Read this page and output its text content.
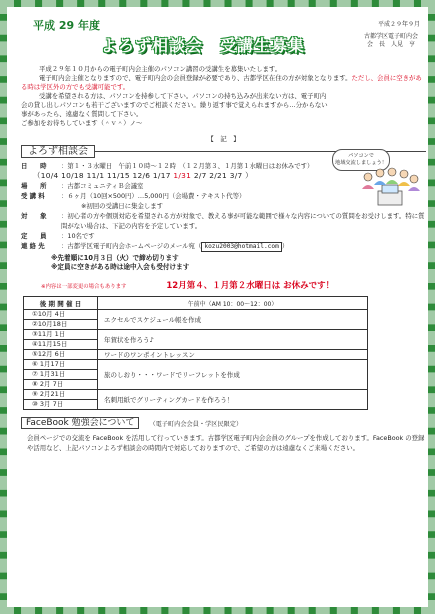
平成 29 年度	平成２９年９月
よろず相談会　受講生募集	古都学区電子町内会
会　長　人見　亨

平成２９年１０月からの電子町内会主催のパソコン講習の受講生を募集いたします。

電子町内会主催となりますので、電子町内会の会員登録が必要であり、古都学区在住の方が対象となります。ただし、会員に空きがある時は学区外の方でも受講可能です。

受講を希望される方は、パソコンを持参して下さい。パソコンの持ち込みが出来ない方は、電子町内会の貸し出しパソコンも若干ございますのでご相談ください。繰り返す事で覚えられますから…分からない事があったら、遠慮なく質問して下さい。

ご参加をお待ちしています（＾ｖ＾）ノ～

パソコンで
地域交流しましょう！
【　記　】
よろず相談会
日　　時	：第１・３水曜日　午前１０時～１２時　（１２月第３、１月第１水曜日はお休みです）
（10/4 10/18 11/1 11/15 12/6 1/17 1/31 2/7 2/21 3/7 ）
場　　所	：古都コミュニティＢ会議室
受 講 料	：６ヶ月（10回×500円）…5,000円（会場費・テキスト代等）
※初回の受講日に集金します
対　　象	：初心者の方や個別対応を希望される方が対象で、教える事が可能な範囲で様々な内容についての質問をお受けします。特に質問がない場合は、下記の内容を予定しています。
定　　員	：10名です
連 絡 先	：古都学区電子町内会ホームページのメール宛（ kozu2003@hotmail.com ）
※先着順に10月３日（火）で締め切ります
※定員に空きがある時は途中入会も受付けます
※内容は一部変更の場合もあります	12月第４、１月第２水曜日は お休みです！
後 期 開 催 日	午前中（AM 10：00～12：00）
①10月 4日	エクセルでスケジュール帳を作成
②10月18日	
③11月 1日	年賀状を作ろう♪
④11月15日	
⑤12月 6日	ワードのワンポイントレッスン
⑥ 1月17日	旅のしおり・・・ワードでリーフレットを作成
⑦ 1月31日	
⑧ 2月 7日	
⑨ 2月21日	名刺用紙でグリーティングカードを作ろう！
⑩ 3月 7日	
FaceBook 勉強会について	（電子町内会会員・学区民限定）

会員ページでの交流を FaceBook を活用して行っていきます。古都学区電子町内会会員のグループを作成しております。FaceBook の登録や活用など、上記パソコンよろず相談会の時間内で対応しておりますので、ご希望の方は遠慮なくご来場ください。
